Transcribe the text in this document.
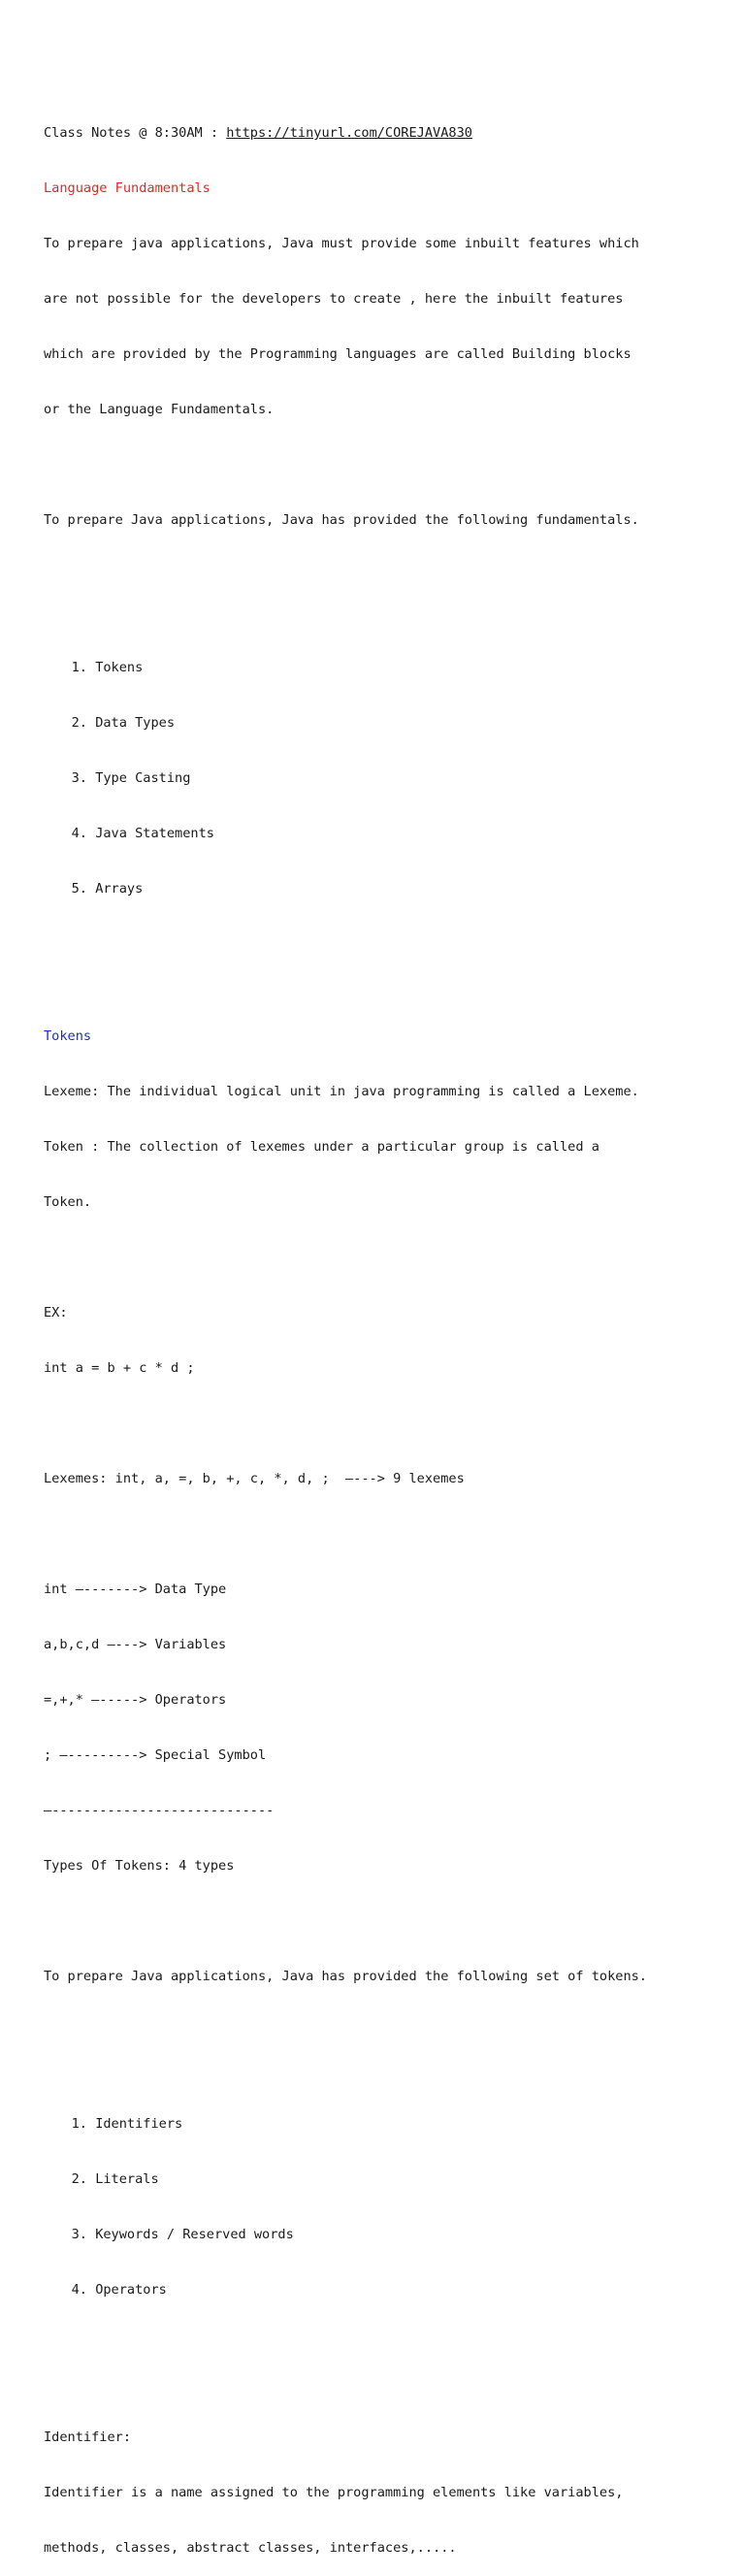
Class Notes @ 8:30AM : https://tinyurl.com/COREJAVA830

Language Fundamentals

To prepare java applications, Java must provide some inbuilt features which

are not possible for the developers to create , here the inbuilt features

which are provided by the Programming languages are called Building blocks

or the Language Fundamentals.

To prepare Java applications, Java has provided the following fundamentals.

1. Tokens

2. Data Types

3. Type Casting

4. Java Statements

5. Arrays

Tokens

Lexeme: The individual logical unit in java programming is called a Lexeme.

Token : The collection of lexemes under a particular group is called a

Token.

EX:

int a = b + c * d ;

Lexemes: int, a, =, b, +, c, *, d, ;  —---> 9 lexemes

int —-------> Data Type

a,b,c,d —---> Variables

=,+,* —-----> Operators

; —---------> Special Symbol

—----------------------------

Types Of Tokens: 4 types

To prepare Java applications, Java has provided the following set of tokens.

1. Identifiers

2. Literals

3. Keywords / Reserved words

4. Operators

Identifier:

Identifier is a name assigned to the programming elements like variables,

methods, classes, abstract classes, interfaces,.....
